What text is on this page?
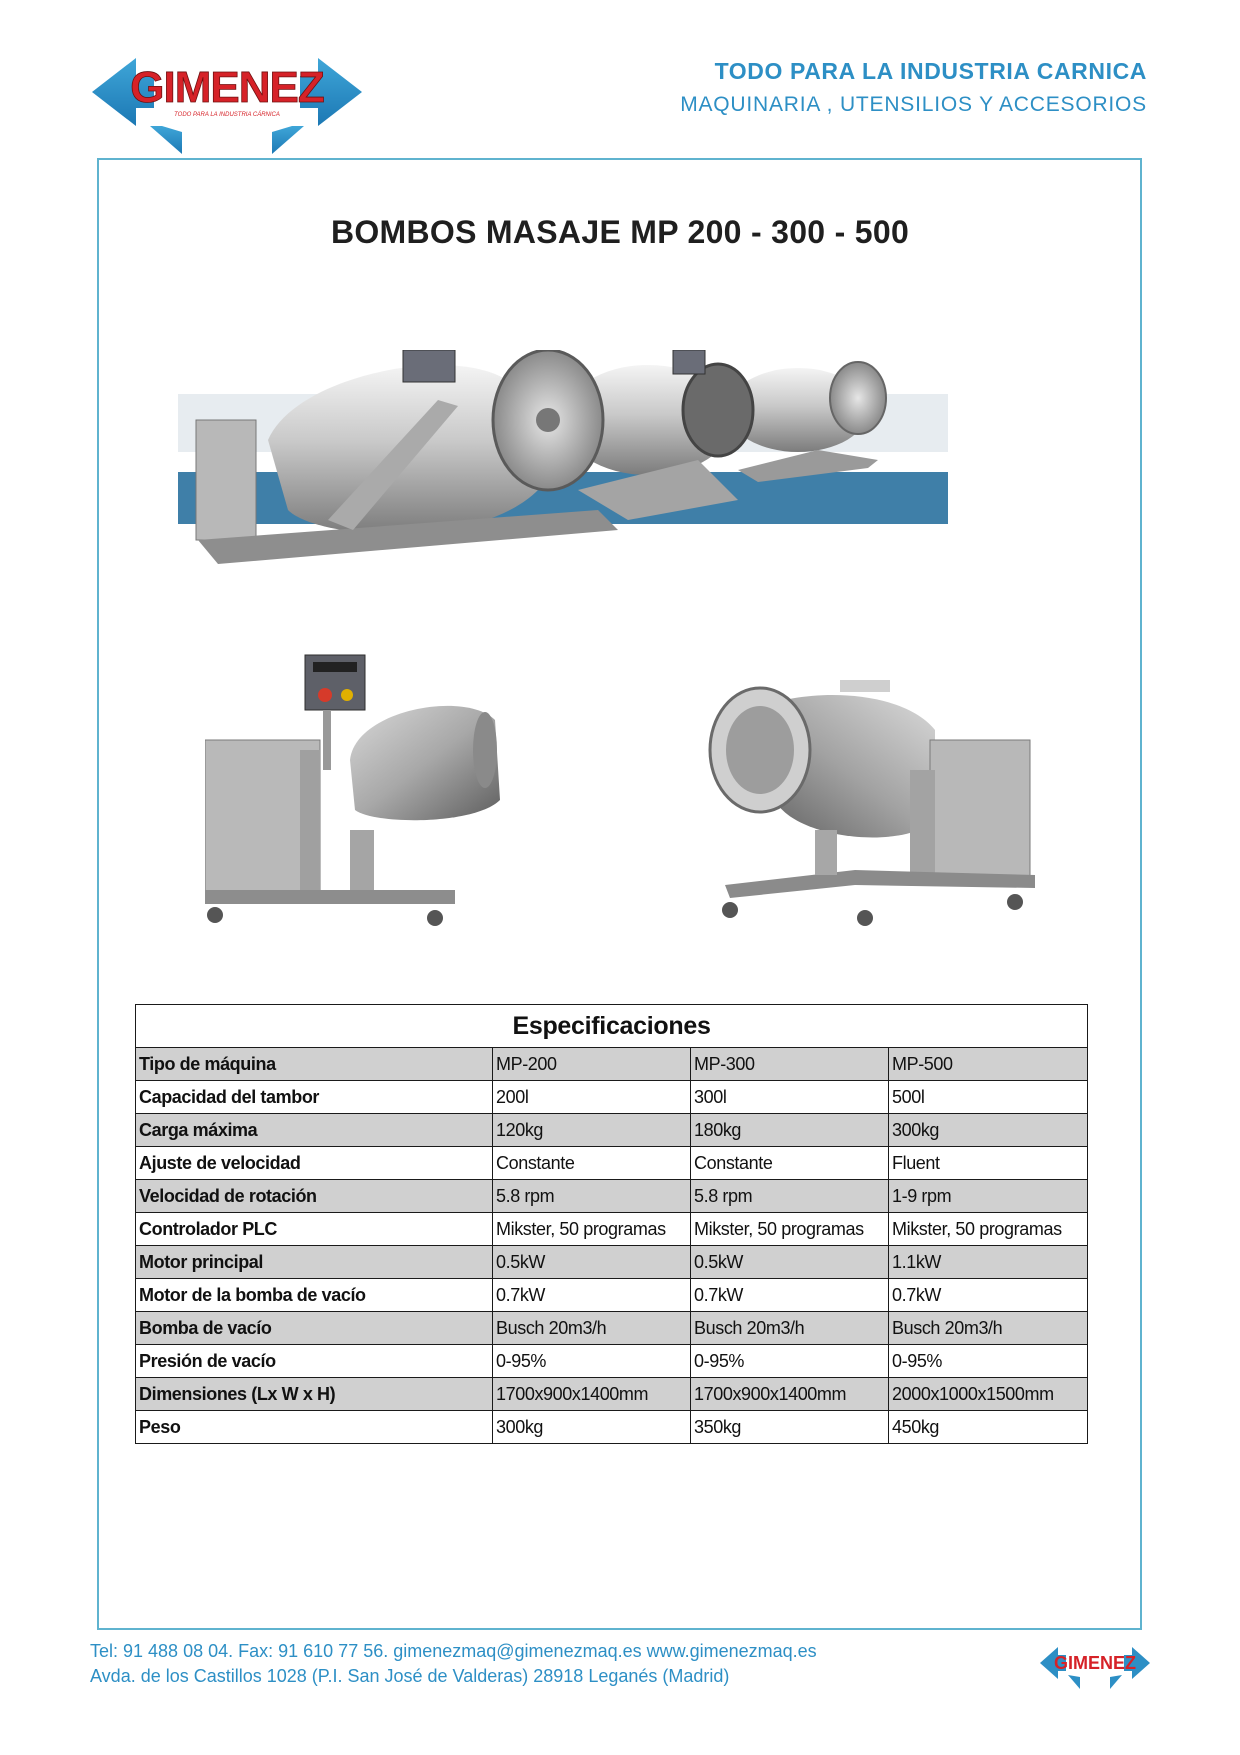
GIMENEZ
TODO PARA LA INDUSTRIA CÁRNICA
TODO PARA LA INDUSTRIA CARNICA
MAQUINARIA , UTENSILIOS Y ACCESORIOS
BOMBOS MASAJE MP 200 - 300 - 500
Especificaciones			
Tipo de máquina	MP-200	MP-300	MP-500
Capacidad del tambor	200l	300l	500l
Carga máxima	120kg	180kg	300kg
Ajuste de velocidad	Constante	Constante	Fluent
Velocidad de rotación	5.8 rpm	5.8 rpm	1-9 rpm
Controlador PLC	Mikster, 50 programas	Mikster, 50 programas	Mikster, 50 programas
Motor principal	0.5kW	0.5kW	1.1kW
Motor de la bomba de vacío	0.7kW	0.7kW	0.7kW
Bomba de vacío	Busch 20m3/h	Busch 20m3/h	Busch 20m3/h
Presión de vacío	0-95%	0-95%	0-95%
Dimensiones (Lx W x H)	1700x900x1400mm	1700x900x1400mm	2000x1000x1500mm
Peso	300kg	350kg	450kg
Tel: 91 488 08 04. Fax: 91 610 77 56. gimenezmaq@gimenezmaq.es www.gimenezmaq.es
Avda. de los Castillos 1028 (P.I. San José de Valderas) 28918 Leganés (Madrid)
GIMENEZ
